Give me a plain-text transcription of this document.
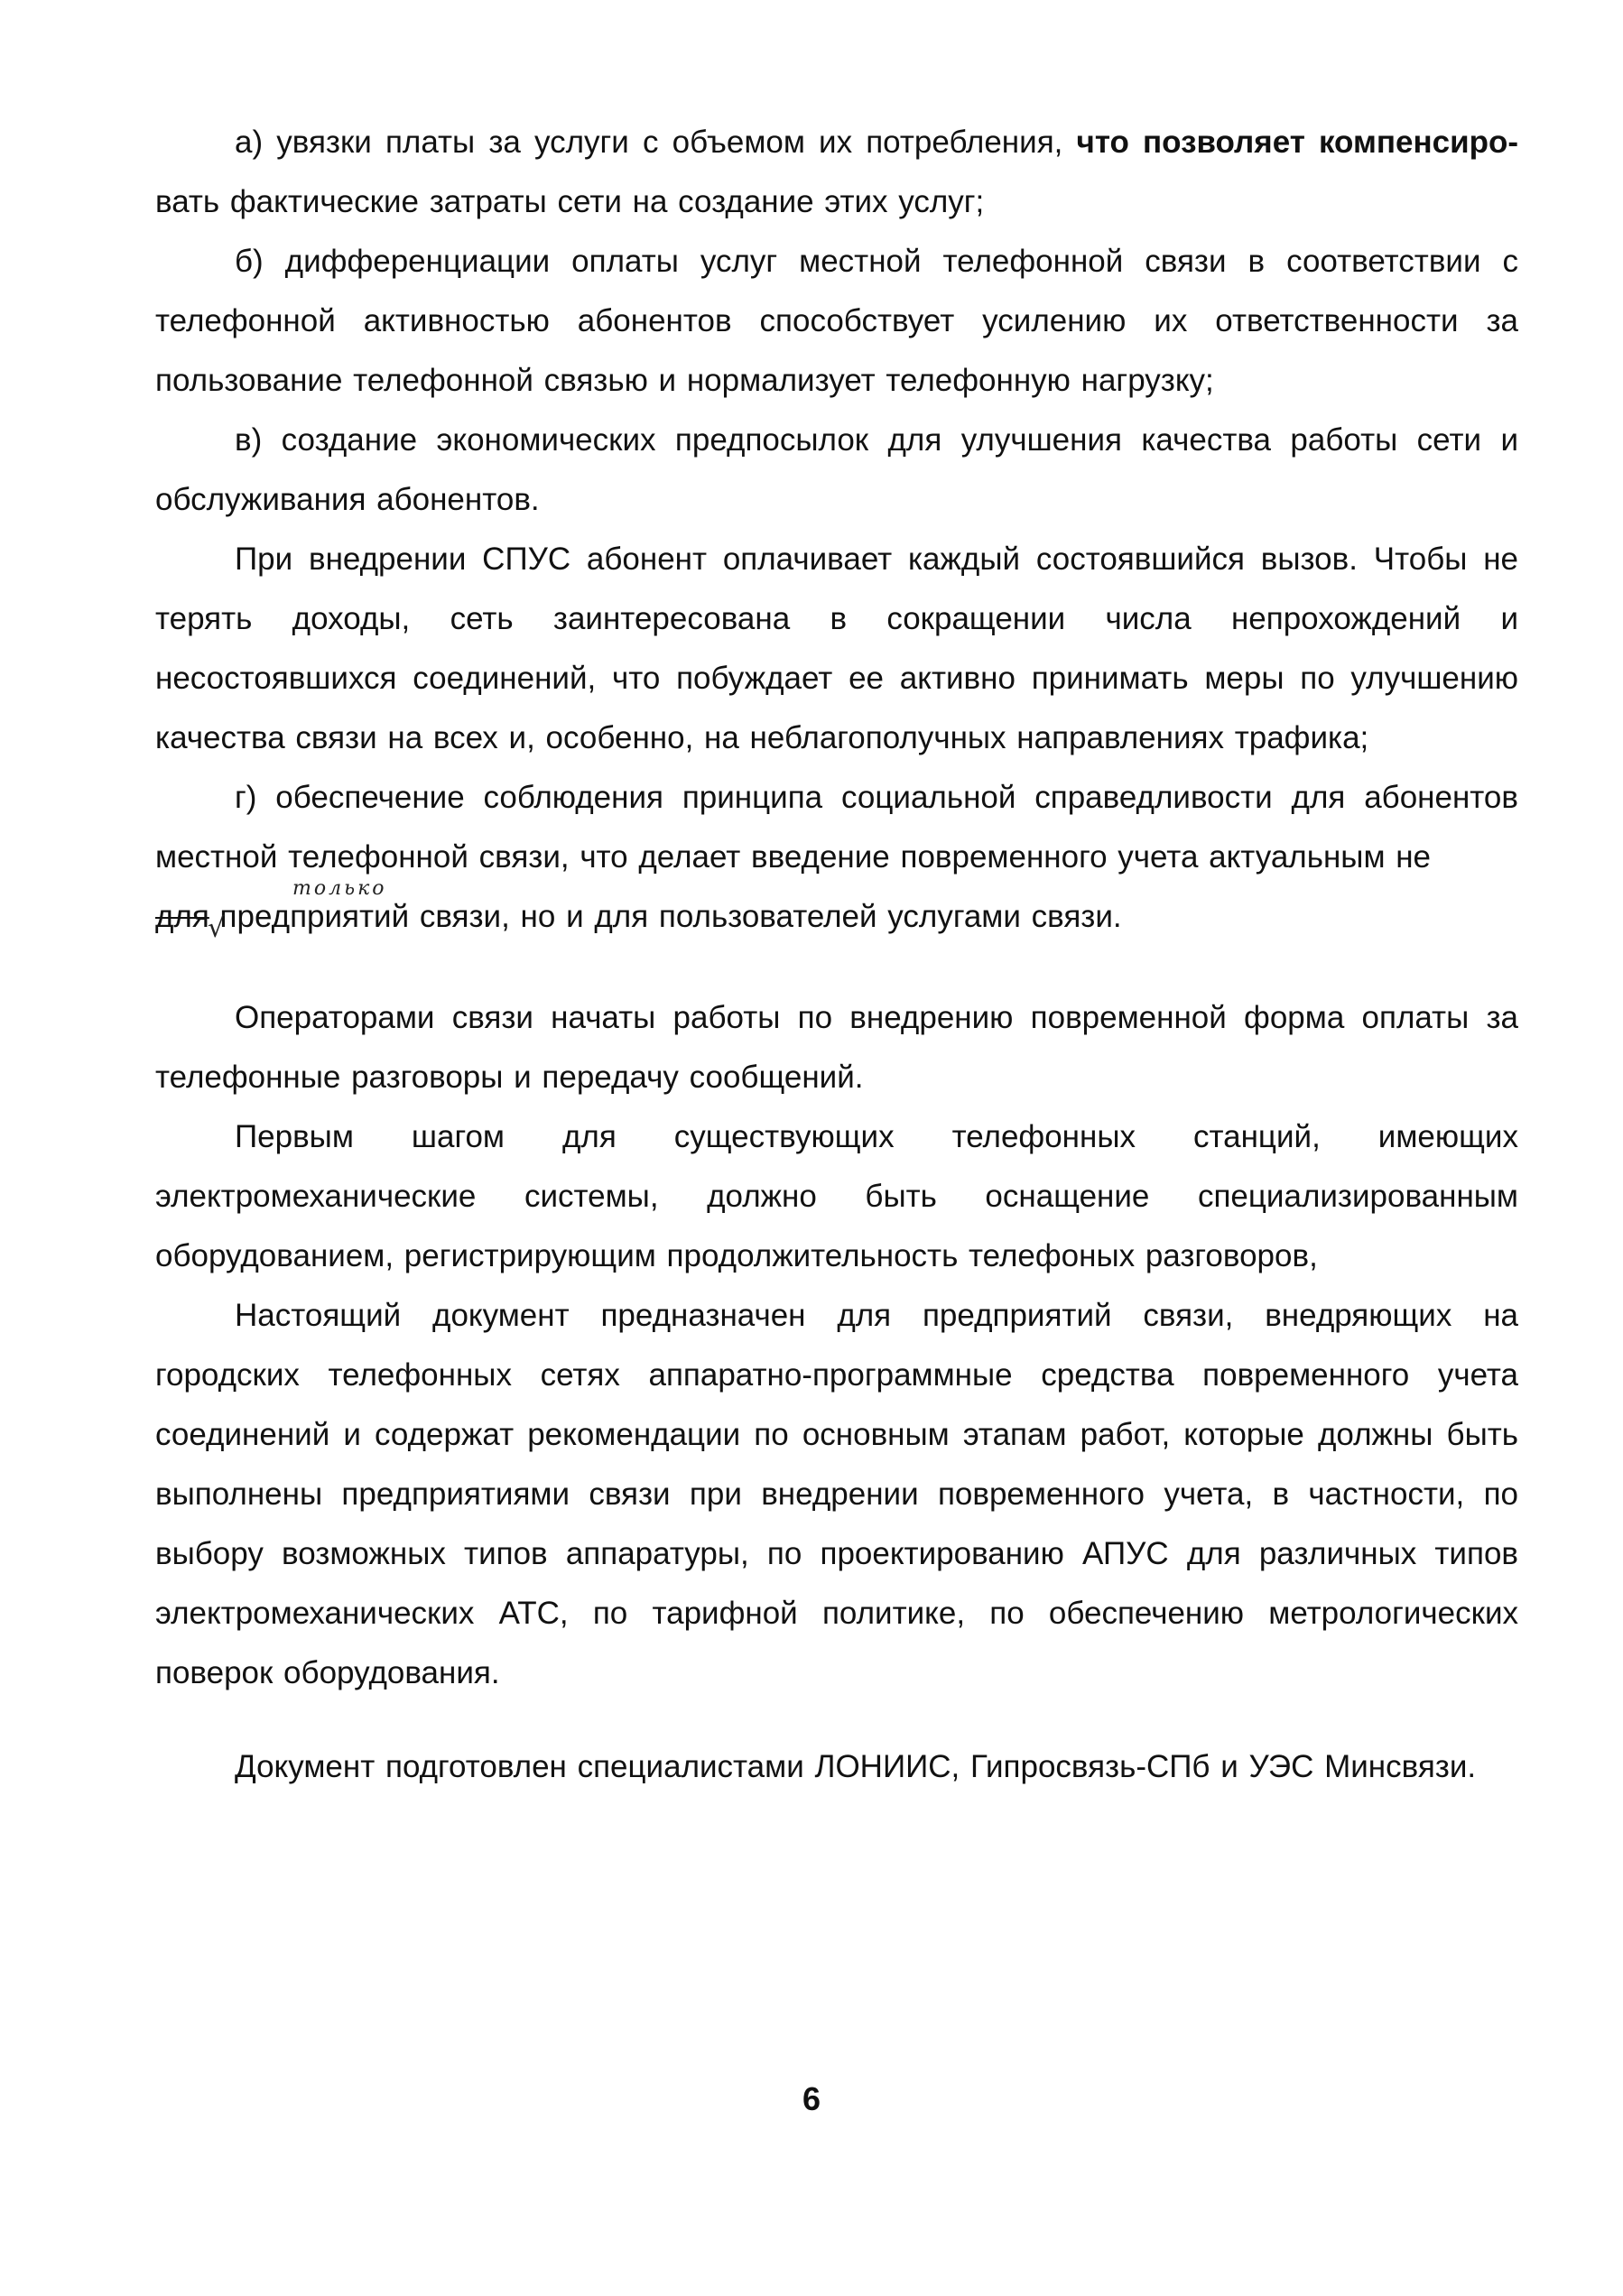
а) увязки платы за услуги с объемом их потребления, что позволяет компенсиро- вать фактические затраты сети на создание этих услуг;

б) дифференциации оплаты услуг местной телефонной связи в соответствии с телефонной активностью абонентов способствует усилению их ответственности за пользование телефонной связью и нормализует телефонную нагрузку;

в) создание экономических предпосылок для улучшения качества работы сети и обслуживания абонентов.

При внедрении СПУС абонент оплачивает каждый состоявшийся вызов. Чтобы не терять доходы, сеть заинтересована в сокращении числа непрохождений и несостоявшихся соединений, что побуждает ее активно принимать меры по улучшению качества связи на всех и, особенно, на неблагополучных направлениях трафика;

г) обеспечение соблюдения принципа социальной справедливости для абонентов местной телефонной связи, что делает введение повременного учета актуальным не

только
√
для предприятий связи, но и для пользователей услугами связи.

Операторами связи начаты работы по внедрению повременной форма оплаты за телефонные разговоры и передачу сообщений.

Первым шагом для существующих телефонных станций, имеющих электромеханические системы, должно быть оснащение специализированным оборудованием, регистрирующим продолжительность телефоных разговоров,

Настоящий документ предназначен для предприятий связи, внедряющих на городских телефонных сетях аппаратно-программные средства повременного учета соединений и содержат рекомендации по основным этапам работ, которые должны быть выполнены предприятиями связи при внедрении повременного учета, в частности, по выбору возможных типов аппаратуры, по проектированию АПУС для различных типов электромеханических АТС, по тарифной политике, по обеспечению метрологических поверок оборудования.

Документ подготовлен специалистами ЛОНИИС, Гипросвязь-СПб и УЭС Минсвязи.

6
